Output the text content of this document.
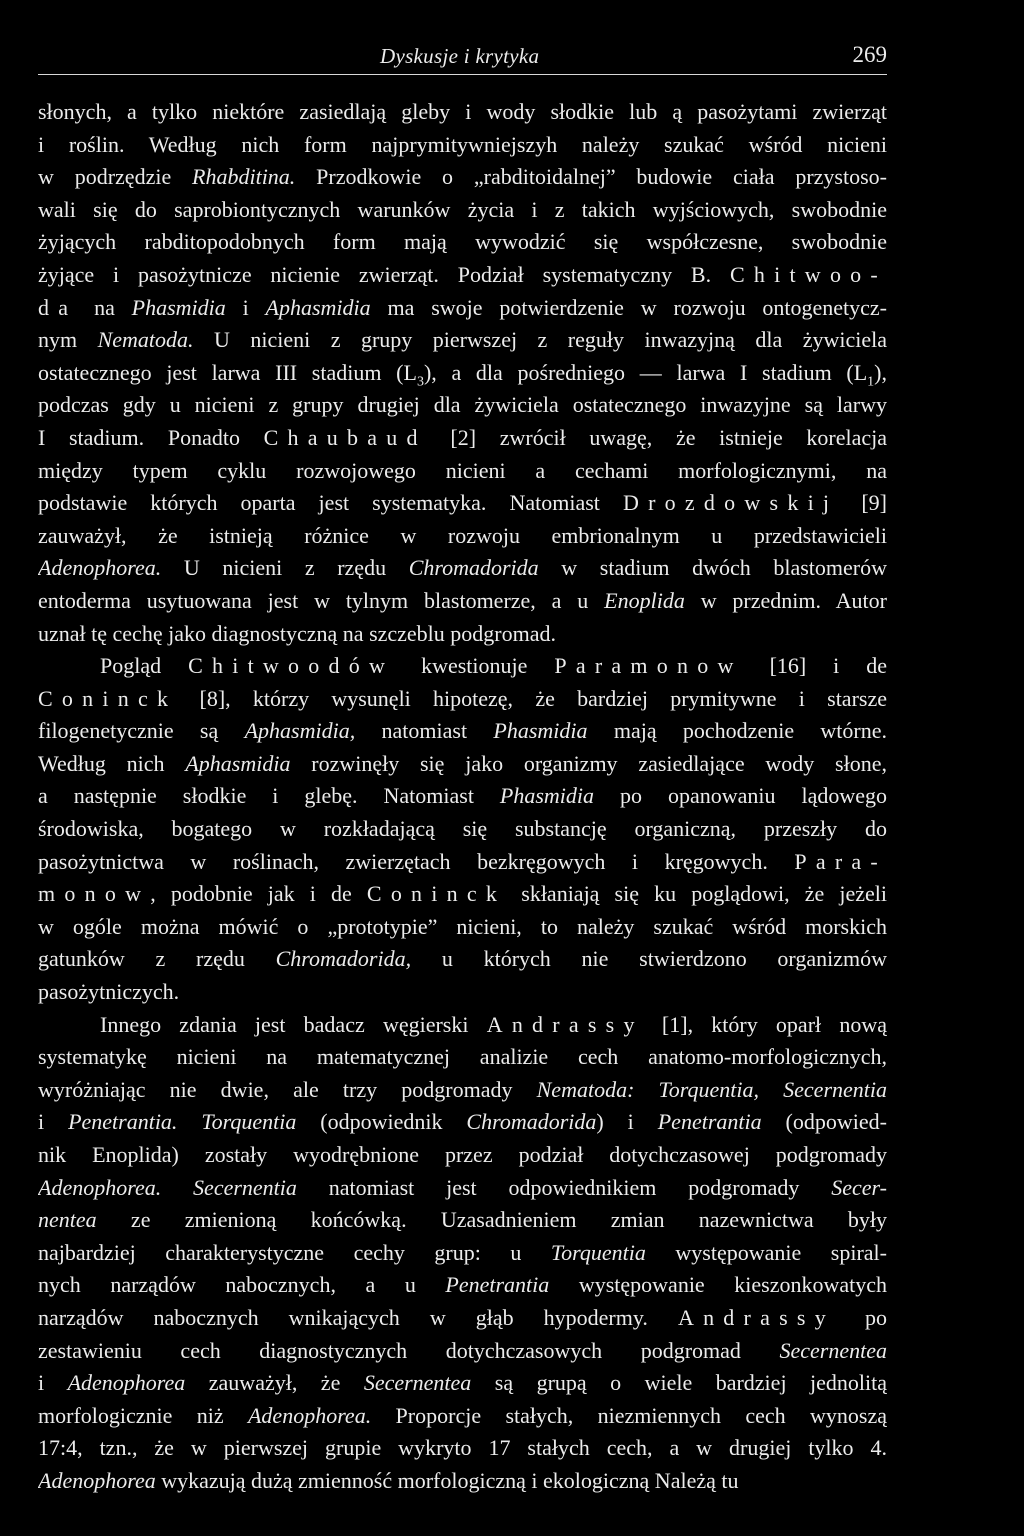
Dyskusje i krytyka	269
słonych, a tylko niektóre zasiedlają gleby i wody słodkie lub ą pasożytami zwierząt
i roślin. Według nich form najprymitywniejszyh należy szukać wśród nicieni
w podrzędzie Rhabditina. Przodkowie o „rabditoidalnej” budowie ciała przystoso-
wali się do saprobiontycznych warunków życia i z takich wyjściowych, swobodnie
żyjących rabditopodobnych form mają wywodzić się współczesne, swobodnie
żyjące i pasożytnicze nicienie zwierząt. Podział systematyczny B. Chitwoo-
da na Phasmidia i Aphasmidia ma swoje potwierdzenie w rozwoju ontogenetycz-
nym Nematoda. U nicieni z grupy pierwszej z reguły inwazyjną dla żywiciela
ostatecznego jest larwa III stadium $(L_3)$, a dla pośredniego — larwa I stadium $(L_1)$,
podczas gdy u nicieni z grupy drugiej dla żywiciela ostatecznego inwazyjne są larwy
I stadium. Ponadto Chaubaud [2] zwrócił uwagę, że istnieje korelacja
między typem cyklu rozwojowego nicieni a cechami morfologicznymi, na
podstawie których oparta jest systematyka. Natomiast Drozdowskij [9]
zauważył, że istnieją różnice w rozwoju embrionalnym u przedstawicieli
Adenophorea. U nicieni z rzędu Chromadorida w stadium dwóch blastomerów
entoderma usytuowana jest w tylnym blastomerze, a u Enoplida w przednim. Autor
uznał tę cechę jako diagnostyczną na szczeblu podgromad.
Pogląd Chitwoodów kwestionuje Paramonow [16] i de
Coninck [8], którzy wysunęli hipotezę, że bardziej prymitywne i starsze
filogenetycznie są Aphasmidia, natomiast Phasmidia mają pochodzenie wtórne.
Według nich Aphasmidia rozwinęły się jako organizmy zasiedlające wody słone,
a następnie słodkie i glebę. Natomiast Phasmidia po opanowaniu lądowego
środowiska, bogatego w rozkładającą się substancję organiczną, przeszły do
pasożytnictwa w roślinach, zwierzętach bezkręgowych i kręgowych. Para-
monow, podobnie jak i de Coninck skłaniają się ku poglądowi, że jeżeli
w ogóle można mówić o „prototypie” nicieni, to należy szukać wśród morskich
gatunków z rzędu Chromadorida, u których nie stwierdzono organizmów
pasożytniczych.
Innego zdania jest badacz węgierski Andrassy [1], który oparł nową
systematykę nicieni na matematycznej analizie cech anatomo-morfologicznych,
wyróżniając nie dwie, ale trzy podgromady Nematoda: Torquentia, Secernentia
i Penetrantia. Torquentia (odpowiednik Chromadorida) i Penetrantia (odpowied-
nik Enoplida) zostały wyodrębnione przez podział dotychczasowej podgromady
Adenophorea. Secernentia natomiast jest odpowiednikiem podgromady Secer-
nentea ze zmienioną końcówką. Uzasadnieniem zmian nazewnictwa były
najbardziej charakterystyczne cechy grup: u Torquentia występowanie spiral-
nych narządów nabocznych, a u Penetrantia występowanie kieszonkowatych
narządów nabocznych wnikających w głąb hypodermy. Andrassy po
zestawieniu cech diagnostycznych dotychczasowych podgromad Secernentea
i Adenophorea zauważył, że Secernentea są grupą o wiele bardziej jednolitą
morfologicznie niż Adenophorea. Proporcje stałych, niezmiennych cech wynoszą
17:4, tzn., że w pierwszej grupie wykryto 17 stałych cech, a w drugiej tylko 4.
Adenophorea wykazują dużą zmienność morfologiczną i ekologiczną Należą tu
